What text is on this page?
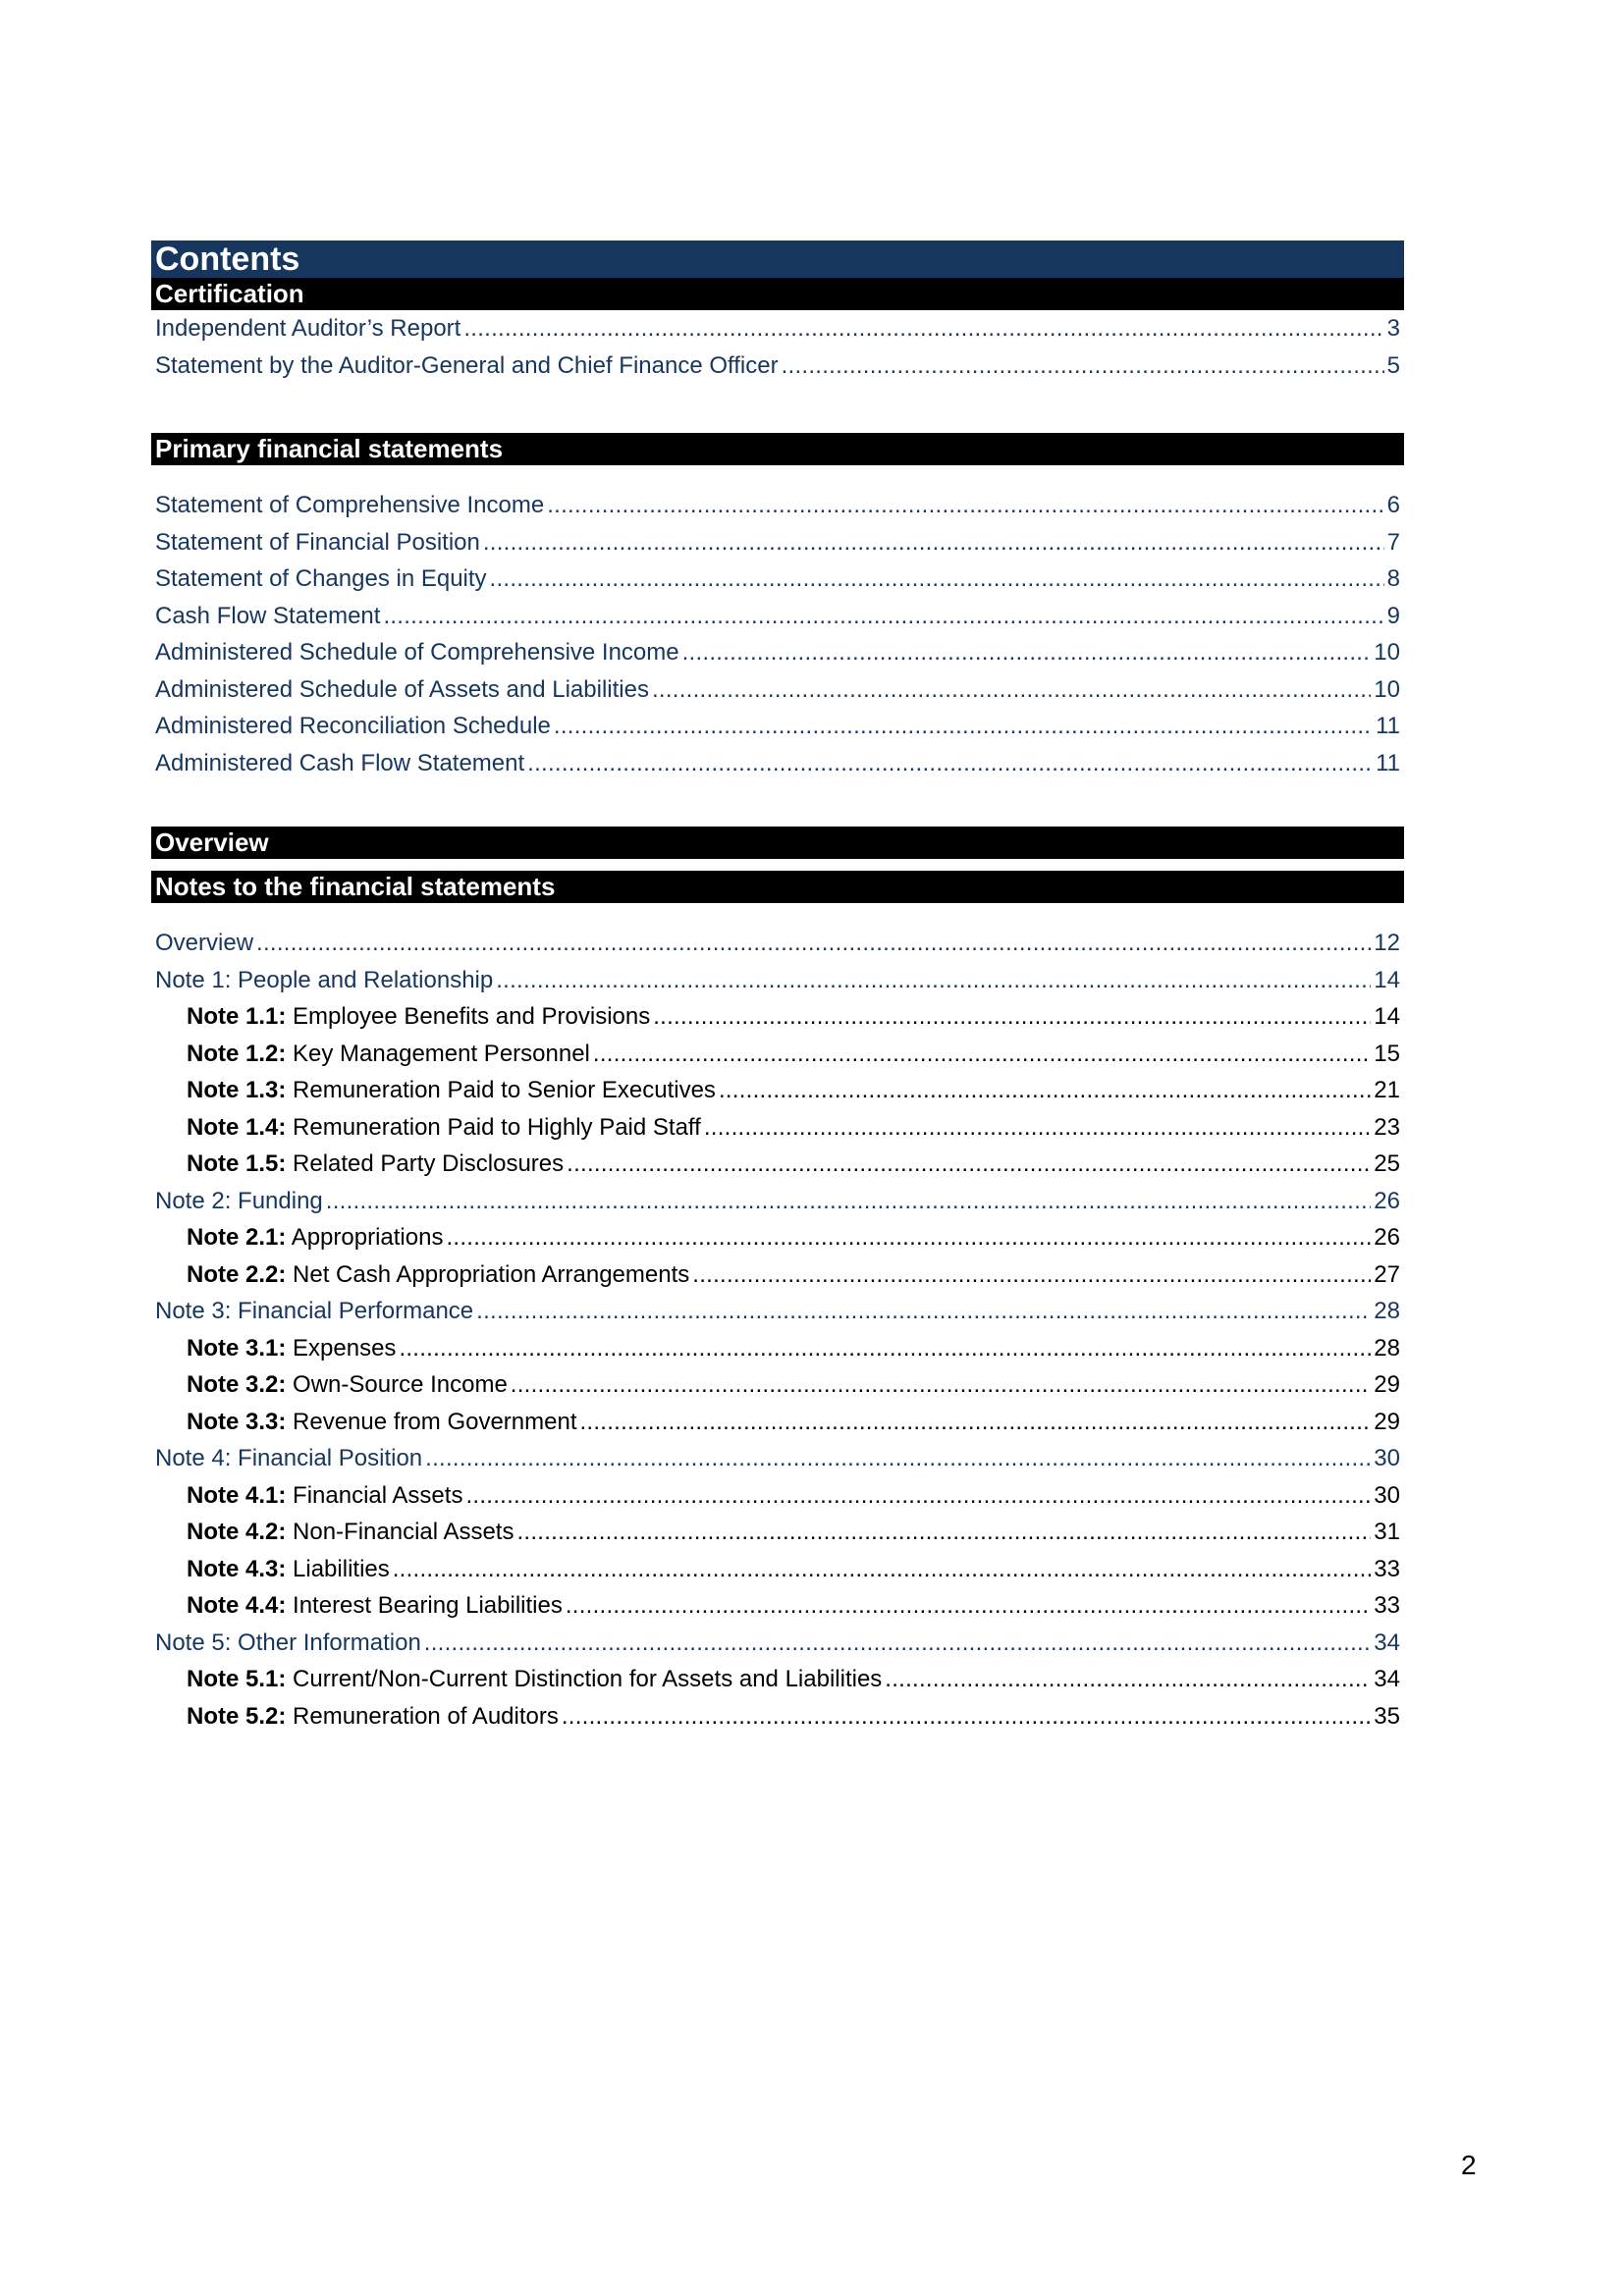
Contents
Certification
Independent Auditor’s Report . . .	3
Statement by the Auditor-General and Chief Finance Officer . . .	5
Primary financial statements
Statement of Comprehensive Income . . .	6
Statement of Financial Position . . .	7
Statement of Changes in Equity . . .	8
Cash Flow Statement . . .	9
Administered Schedule of Comprehensive Income . . .	10
Administered Schedule of Assets and Liabilities . . .	10
Administered Reconciliation Schedule . . .	11
Administered Cash Flow Statement . . .	11
Overview
Notes to the financial statements
Overview . . .	12
Note 1: People and Relationship . . .	14
Note 1.1: Employee Benefits and Provisions . . .	14
Note 1.2: Key Management Personnel . . .	15
Note 1.3: Remuneration Paid to Senior Executives . . .	21
Note 1.4: Remuneration Paid to Highly Paid Staff . . .	23
Note 1.5: Related Party Disclosures . . .	25
Note 2: Funding . . .	26
Note 2.1: Appropriations . . .	26
Note 2.2: Net Cash Appropriation Arrangements . . .	27
Note 3: Financial Performance . . .	28
Note 3.1: Expenses . . .	28
Note 3.2: Own-Source Income . . .	29
Note 3.3: Revenue from Government . . .	29
Note 4: Financial Position . . .	30
Note 4.1: Financial Assets . . .	30
Note 4.2: Non-Financial Assets . . .	31
Note 4.3: Liabilities . . .	33
Note 4.4: Interest Bearing Liabilities . . .	33
Note 5: Other Information . . .	34
Note 5.1: Current/Non-Current Distinction for Assets and Liabilities . . .	34
Note 5.2: Remuneration of Auditors . . .	35
2
